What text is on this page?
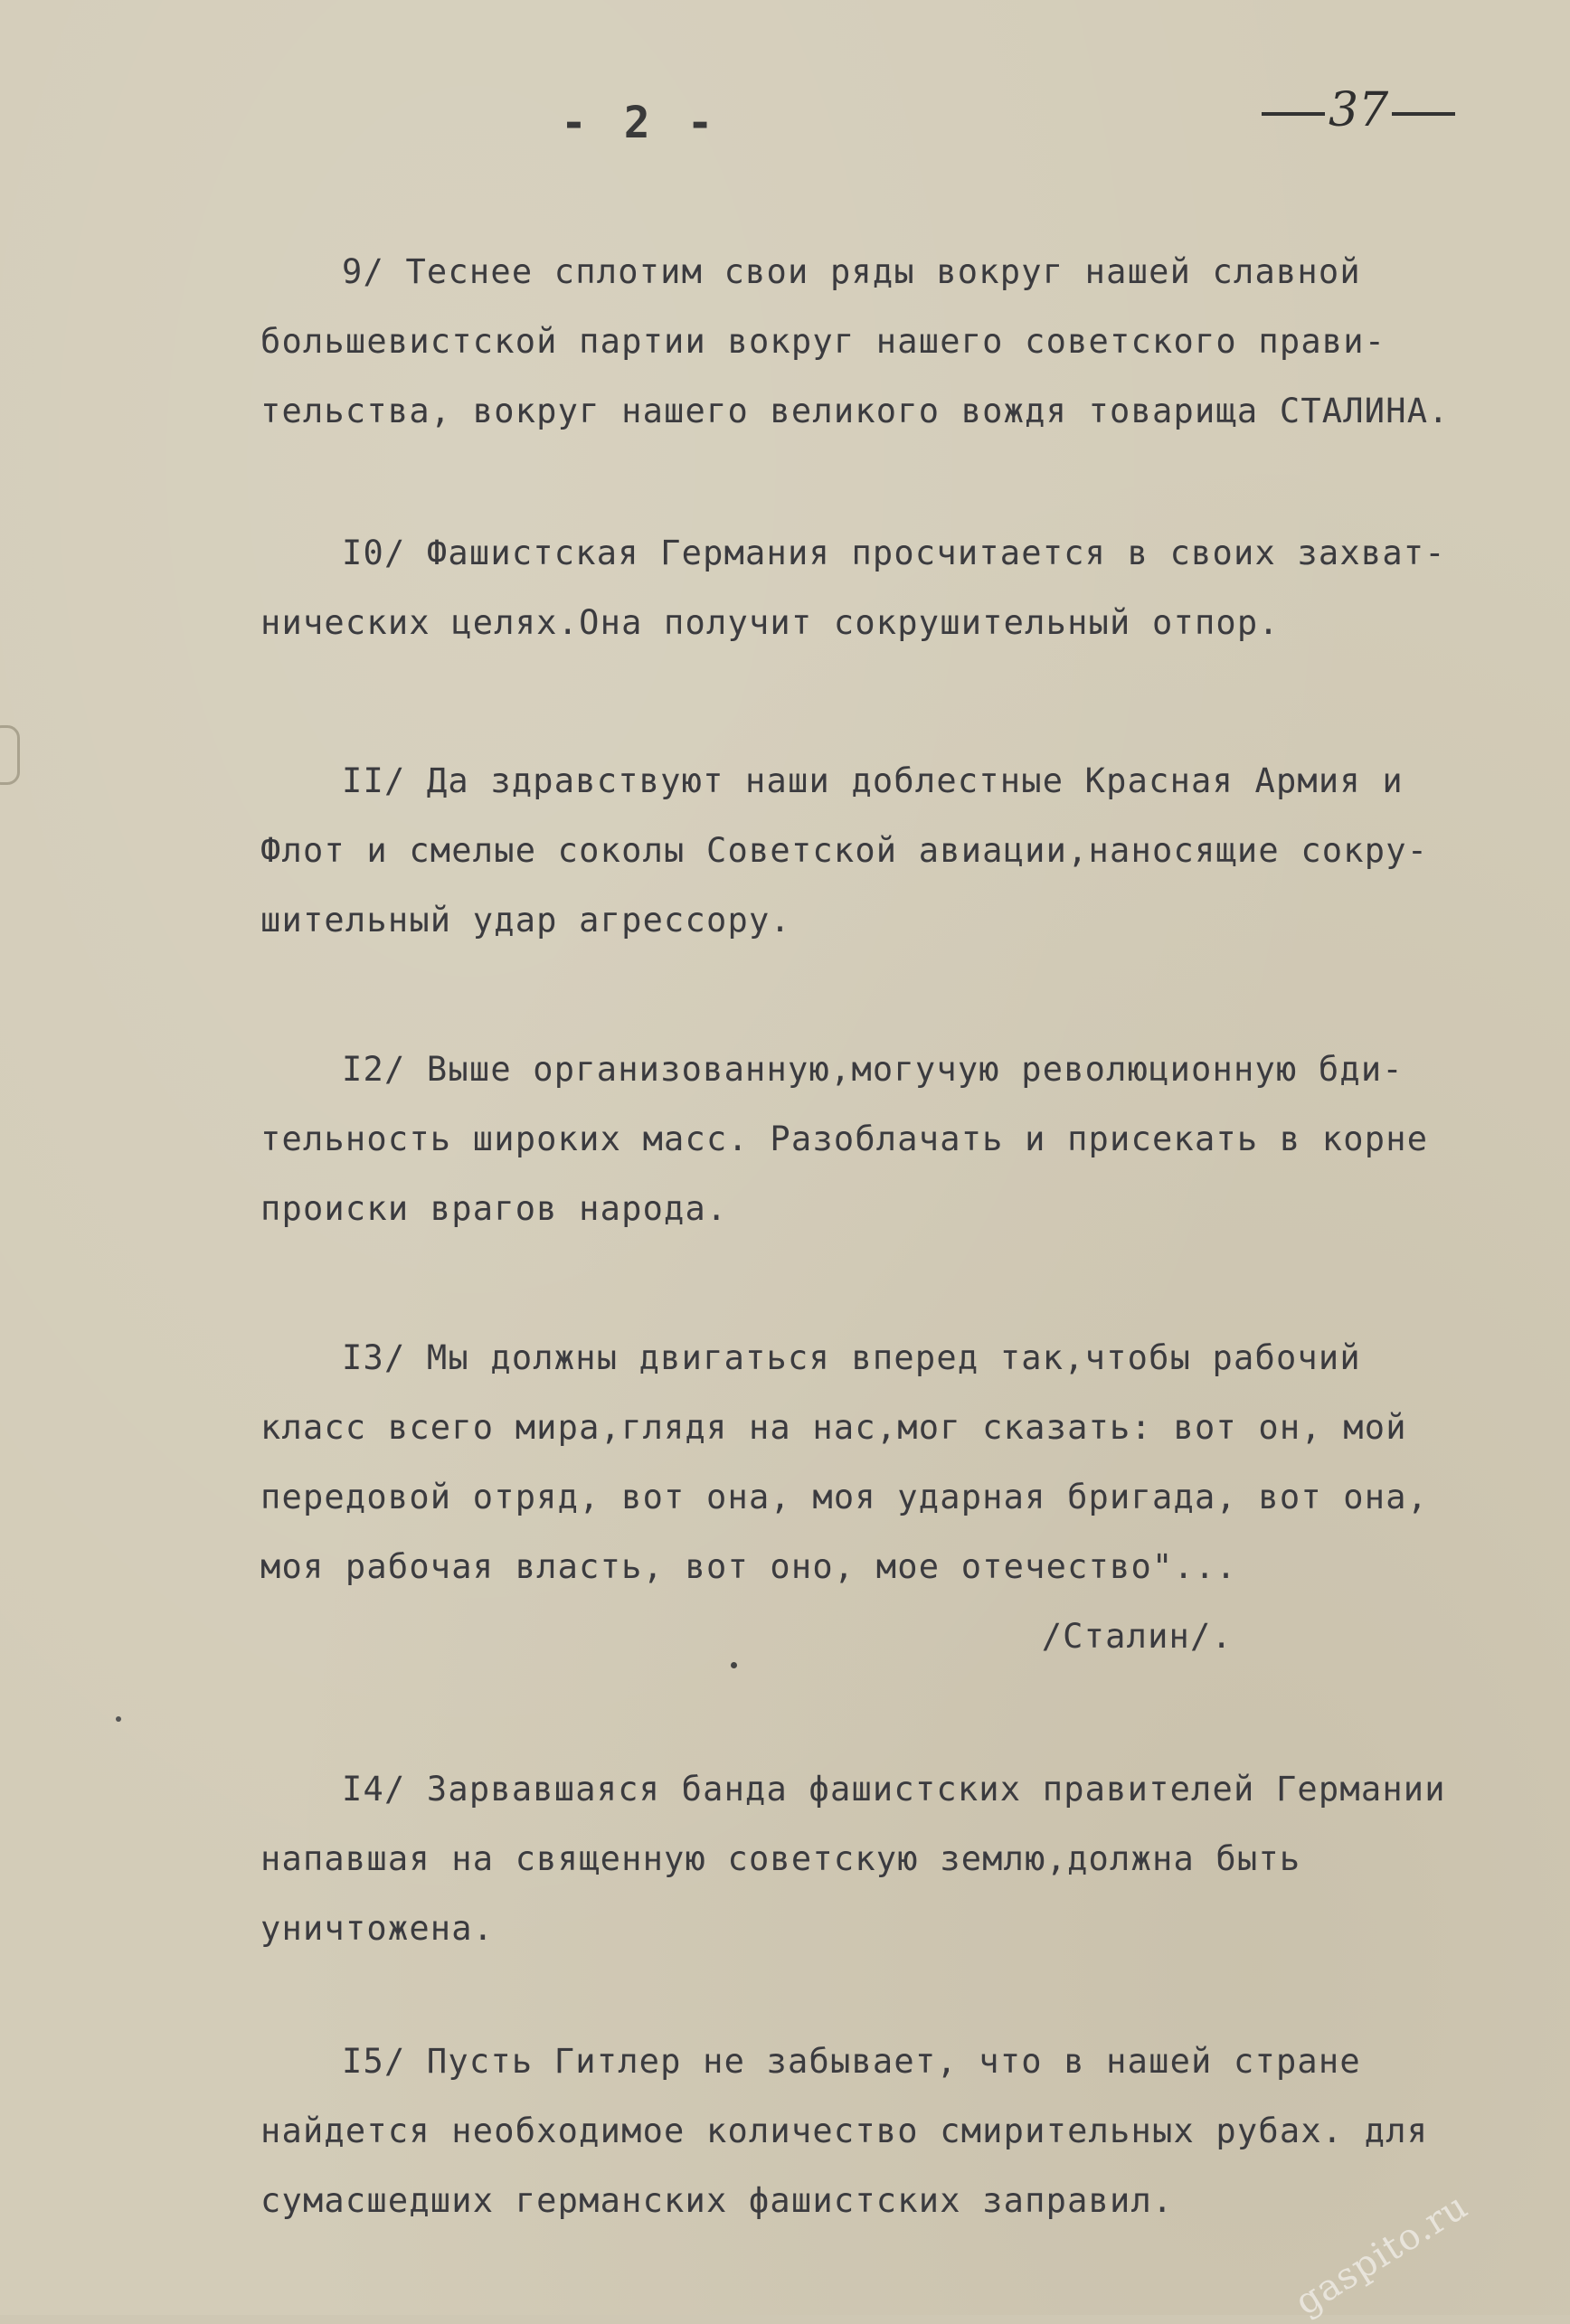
- 2 -	37
9/ Теснее сплотим свои ряды вокруг нашей славной
большевистской партии вокруг нашего советского прави-
тельства, вокруг нашего великого вождя товарища СТАЛИНА.
I0/ Фашистская Германия просчитается в своих захват-
нических целях.Она получит сокрушительный отпор.
II/ Да здравствуют наши доблестные Красная Армия и
Флот и смелые соколы Советской авиации,наносящие сокру-
шительный удар агрессору.
I2/ Выше организованную,могучую революционную бди-
тельность широких масс. Разоблачать и присекать в корне
происки врагов народа.
I3/ Мы должны двигаться вперед так,чтобы рабочий
класс всего мира,глядя на нас,мог сказать: вот он, мой
передовой отряд, вот она, моя ударная бригада, вот она,
моя рабочая власть, вот оно, мое отечество"...
/Сталин/.
I4/ Зарвавшаяся банда фашистских правителей Германии
напавшая на священную советскую землю,должна быть
уничтожена.
I5/ Пусть Гитлер не забывает, что в нашей стране
найдется необходимое количество смирительных рубах. для
сумасшедших германских фашистских заправил.	gaspito.ru
